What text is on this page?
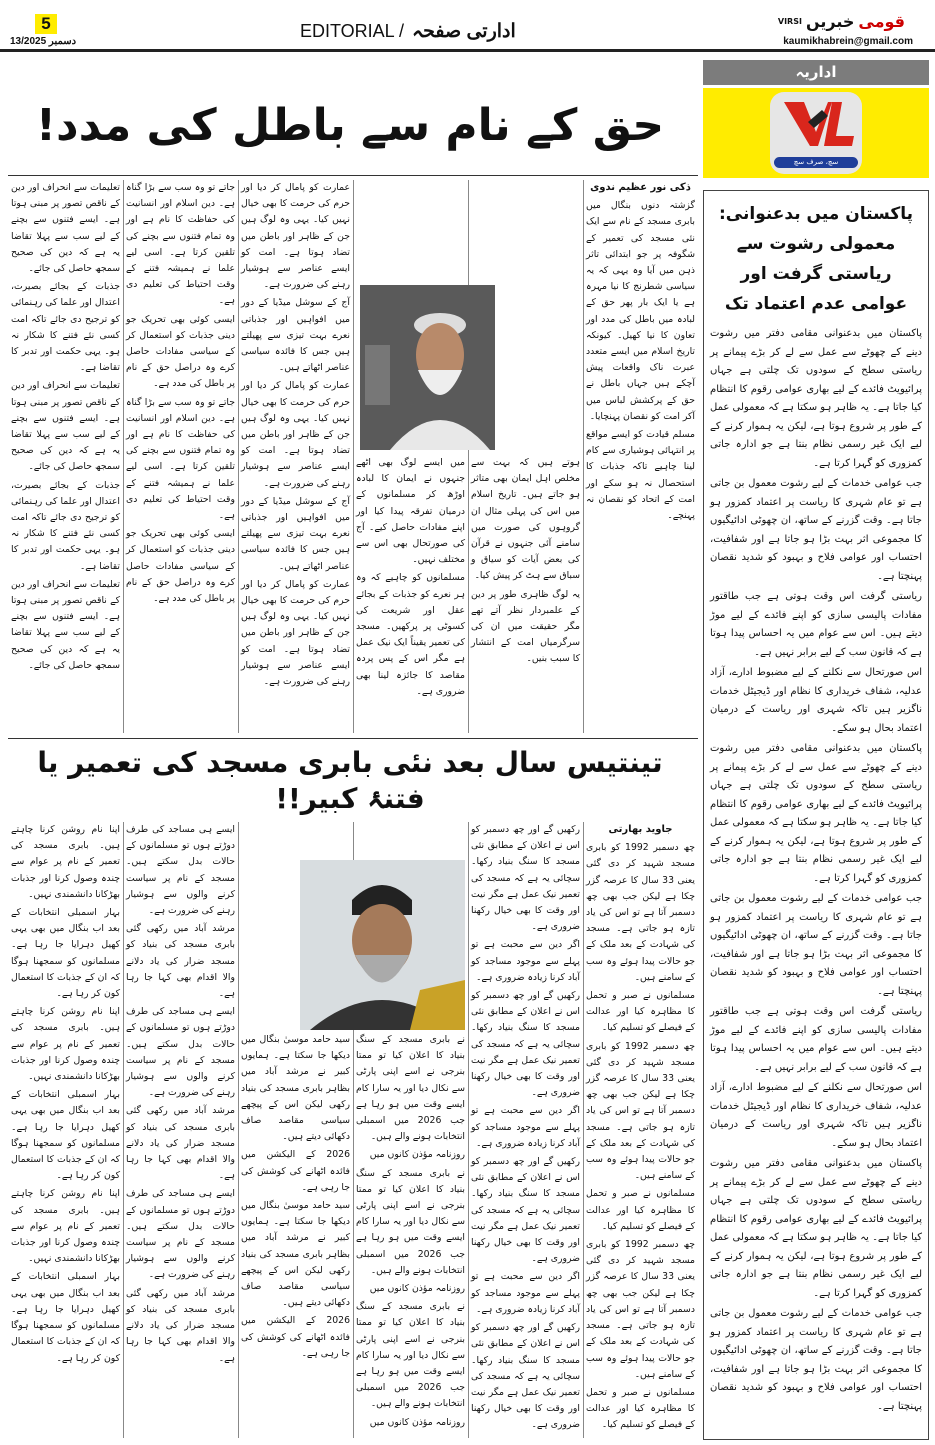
5
13/دسمبر 2025
EDITORIAL / ادارتی صفحہ	قومی
خبریں
VIRSI
kaumikhabrein@gmail.com
حق کے نام سے باطل کی مدد!
تینتیس سال بعد نئی بابری مسجد کی تعمیر یا فتنۂ کبیر!!
اداریہ
سچ، صرف سچ
پاکستان میں بدعنوانی: معمولی رشوت سے ریاستی گرفت اور عوامی عدم اعتماد تک

پاکستان میں بدعنوانی مقامی دفتر میں رشوت دینے کے چھوٹے سے عمل سے لے کر بڑے پیمانے پر ریاستی سطح کے سودوں تک چلتی ہے جہاں پرائیویٹ فائدے کے لیے بھاری عوامی رقوم کا انتظام کیا جاتا ہے۔ یہ ظاہر ہو سکتا ہے کہ معمولی عمل کے طور پر شروع ہوتا ہے، لیکن یہ ہموار کرنے کے لیے ایک غیر رسمی نظام بنتا ہے جو ادارہ جاتی کمزوری کو گہرا کرتا ہے۔

جب عوامی خدمات کے لیے رشوت معمول بن جاتی ہے تو عام شہری کا ریاست پر اعتماد کمزور ہو جاتا ہے۔ وقت گزرنے کے ساتھ، ان چھوٹی ادائیگیوں کا مجموعی اثر بہت بڑا ہو جاتا ہے اور شفافیت، احتساب اور عوامی فلاح و بہبود کو شدید نقصان پہنچتا ہے۔

ریاستی گرفت اس وقت ہوتی ہے جب طاقتور مفادات پالیسی سازی کو اپنے فائدے کے لیے موڑ دیتے ہیں۔ اس سے عوام میں یہ احساس پیدا ہوتا ہے کہ قانون سب کے لیے برابر نہیں ہے۔

اس صورتحال سے نکلنے کے لیے مضبوط ادارے، آزاد عدلیہ، شفاف خریداری کا نظام اور ڈیجیٹل خدمات ناگزیر ہیں تاکہ شہری اور ریاست کے درمیان اعتماد بحال ہو سکے۔

پاکستان میں بدعنوانی مقامی دفتر میں رشوت دینے کے چھوٹے سے عمل سے لے کر بڑے پیمانے پر ریاستی سطح کے سودوں تک چلتی ہے جہاں پرائیویٹ فائدے کے لیے بھاری عوامی رقوم کا انتظام کیا جاتا ہے۔ یہ ظاہر ہو سکتا ہے کہ معمولی عمل کے طور پر شروع ہوتا ہے، لیکن یہ ہموار کرنے کے لیے ایک غیر رسمی نظام بنتا ہے جو ادارہ جاتی کمزوری کو گہرا کرتا ہے۔

جب عوامی خدمات کے لیے رشوت معمول بن جاتی ہے تو عام شہری کا ریاست پر اعتماد کمزور ہو جاتا ہے۔ وقت گزرنے کے ساتھ، ان چھوٹی ادائیگیوں کا مجموعی اثر بہت بڑا ہو جاتا ہے اور شفافیت، احتساب اور عوامی فلاح و بہبود کو شدید نقصان پہنچتا ہے۔

ریاستی گرفت اس وقت ہوتی ہے جب طاقتور مفادات پالیسی سازی کو اپنے فائدے کے لیے موڑ دیتے ہیں۔ اس سے عوام میں یہ احساس پیدا ہوتا ہے کہ قانون سب کے لیے برابر نہیں ہے۔

اس صورتحال سے نکلنے کے لیے مضبوط ادارے، آزاد عدلیہ، شفاف خریداری کا نظام اور ڈیجیٹل خدمات ناگزیر ہیں تاکہ شہری اور ریاست کے درمیان اعتماد بحال ہو سکے۔

پاکستان میں بدعنوانی مقامی دفتر میں رشوت دینے کے چھوٹے سے عمل سے لے کر بڑے پیمانے پر ریاستی سطح کے سودوں تک چلتی ہے جہاں پرائیویٹ فائدے کے لیے بھاری عوامی رقوم کا انتظام کیا جاتا ہے۔ یہ ظاہر ہو سکتا ہے کہ معمولی عمل کے طور پر شروع ہوتا ہے، لیکن یہ ہموار کرنے کے لیے ایک غیر رسمی نظام بنتا ہے جو ادارہ جاتی کمزوری کو گہرا کرتا ہے۔

جب عوامی خدمات کے لیے رشوت معمول بن جاتی ہے تو عام شہری کا ریاست پر اعتماد کمزور ہو جاتا ہے۔ وقت گزرنے کے ساتھ، ان چھوٹی ادائیگیوں کا مجموعی اثر بہت بڑا ہو جاتا ہے اور شفافیت، احتساب اور عوامی فلاح و بہبود کو شدید نقصان پہنچتا ہے۔

ذکی نور عظیم ندوی

گزشتہ دنوں بنگال میں بابری مسجد کے نام سے ایک نئی مسجد کی تعمیر کے شگوفہ پر جو ابتدائی تاثر ذہن میں آیا وہ یہی کہ یہ سیاسی شطرنج کا نیا مہرہ ہے یا ایک بار پھر حق کے لبادہ میں باطل کی مدد اور تعاون کا نیا کھیل۔ کیونکہ تاریخ اسلام میں ایسے متعدد عبرت ناک واقعات پیش آچکے ہیں جہاں باطل نے حق کے پرکشش لباس میں آکر امت کو نقصان پہنچایا۔

مسلم قیادت کو ایسے مواقع پر انتہائی ہوشیاری سے کام لینا چاہیے تاکہ جذبات کا استحصال نہ ہو سکے اور امت کے اتحاد کو نقصان نہ پہنچے۔

ہوتے ہیں کہ بہت سے مخلص اہل ایمان بھی متاثر ہو جاتے ہیں۔ تاریخ اسلام میں اس کی پہلی مثال ان گروہوں کی صورت میں سامنے آئی جنہوں نے قرآن کی بعض آیات کو سیاق و سباق سے ہٹ کر پیش کیا۔

یہ لوگ ظاہری طور پر دین کے علمبردار نظر آتے تھے مگر حقیقت میں ان کی سرگرمیاں امت کے انتشار کا سبب بنیں۔

میں ایسے لوگ بھی اٹھے جنہوں نے ایمان کا لبادہ اوڑھ کر مسلمانوں کے درمیان تفرقہ پیدا کیا اور اپنے مفادات حاصل کیے۔ آج کی صورتحال بھی اس سے مختلف نہیں۔

مسلمانوں کو چاہیے کہ وہ ہر نعرے کو جذبات کے بجائے عقل اور شریعت کی کسوٹی پر پرکھیں۔ مسجد کی تعمیر یقیناً ایک نیک عمل ہے مگر اس کے پس پردہ مقاصد کا جائزہ لینا بھی ضروری ہے۔

عمارت کو پامال کر دیا اور حرم کی حرمت کا بھی خیال نہیں کیا۔ یہی وہ لوگ ہیں جن کے ظاہر اور باطن میں تضاد ہوتا ہے۔ امت کو ایسے عناصر سے ہوشیار رہنے کی ضرورت ہے۔

آج کے سوشل میڈیا کے دور میں افواہیں اور جذباتی نعرے بہت تیزی سے پھیلتے ہیں جس کا فائدہ سیاسی عناصر اٹھاتے ہیں۔

عمارت کو پامال کر دیا اور حرم کی حرمت کا بھی خیال نہیں کیا۔ یہی وہ لوگ ہیں جن کے ظاہر اور باطن میں تضاد ہوتا ہے۔ امت کو ایسے عناصر سے ہوشیار رہنے کی ضرورت ہے۔

آج کے سوشل میڈیا کے دور میں افواہیں اور جذباتی نعرے بہت تیزی سے پھیلتے ہیں جس کا فائدہ سیاسی عناصر اٹھاتے ہیں۔

عمارت کو پامال کر دیا اور حرم کی حرمت کا بھی خیال نہیں کیا۔ یہی وہ لوگ ہیں جن کے ظاہر اور باطن میں تضاد ہوتا ہے۔ امت کو ایسے عناصر سے ہوشیار رہنے کی ضرورت ہے۔

جاتے تو وہ سب سے بڑا گناہ ہے۔ دین اسلام اور انسانیت کی حفاظت کا نام ہے اور وہ تمام فتنوں سے بچنے کی تلقین کرتا ہے۔ اسی لیے علما نے ہمیشہ فتنے کے وقت احتیاط کی تعلیم دی ہے۔

ایسی کوئی بھی تحریک جو دینی جذبات کو استعمال کر کے سیاسی مفادات حاصل کرے وہ دراصل حق کے نام پر باطل کی مدد ہے۔

جاتے تو وہ سب سے بڑا گناہ ہے۔ دین اسلام اور انسانیت کی حفاظت کا نام ہے اور وہ تمام فتنوں سے بچنے کی تلقین کرتا ہے۔ اسی لیے علما نے ہمیشہ فتنے کے وقت احتیاط کی تعلیم دی ہے۔

ایسی کوئی بھی تحریک جو دینی جذبات کو استعمال کر کے سیاسی مفادات حاصل کرے وہ دراصل حق کے نام پر باطل کی مدد ہے۔

تعلیمات سے انحراف اور دین کے ناقص تصور پر مبنی ہوتا ہے۔ ایسے فتنوں سے بچنے کے لیے سب سے پہلا تقاضا یہ ہے کہ دین کی صحیح سمجھ حاصل کی جائے۔

جذبات کے بجائے بصیرت، اعتدال اور علما کی رہنمائی کو ترجیح دی جائے تاکہ امت کسی نئے فتنے کا شکار نہ ہو۔ یہی حکمت اور تدبر کا تقاضا ہے۔

تعلیمات سے انحراف اور دین کے ناقص تصور پر مبنی ہوتا ہے۔ ایسے فتنوں سے بچنے کے لیے سب سے پہلا تقاضا یہ ہے کہ دین کی صحیح سمجھ حاصل کی جائے۔

جذبات کے بجائے بصیرت، اعتدال اور علما کی رہنمائی کو ترجیح دی جائے تاکہ امت کسی نئے فتنے کا شکار نہ ہو۔ یہی حکمت اور تدبر کا تقاضا ہے۔

تعلیمات سے انحراف اور دین کے ناقص تصور پر مبنی ہوتا ہے۔ ایسے فتنوں سے بچنے کے لیے سب سے پہلا تقاضا یہ ہے کہ دین کی صحیح سمجھ حاصل کی جائے۔

جاوید بھارتی

چھ دسمبر 1992 کو بابری مسجد شہید کر دی گئی یعنی 33 سال کا عرصہ گزر چکا ہے لیکن جب بھی چھ دسمبر آتا ہے تو اس کی یاد تازہ ہو جاتی ہے۔ مسجد کی شہادت کے بعد ملک کے جو حالات پیدا ہوئے وہ سب کے سامنے ہیں۔

مسلمانوں نے صبر و تحمل کا مظاہرہ کیا اور عدالت کے فیصلے کو تسلیم کیا۔

چھ دسمبر 1992 کو بابری مسجد شہید کر دی گئی یعنی 33 سال کا عرصہ گزر چکا ہے لیکن جب بھی چھ دسمبر آتا ہے تو اس کی یاد تازہ ہو جاتی ہے۔ مسجد کی شہادت کے بعد ملک کے جو حالات پیدا ہوئے وہ سب کے سامنے ہیں۔

مسلمانوں نے صبر و تحمل کا مظاہرہ کیا اور عدالت کے فیصلے کو تسلیم کیا۔

چھ دسمبر 1992 کو بابری مسجد شہید کر دی گئی یعنی 33 سال کا عرصہ گزر چکا ہے لیکن جب بھی چھ دسمبر آتا ہے تو اس کی یاد تازہ ہو جاتی ہے۔ مسجد کی شہادت کے بعد ملک کے جو حالات پیدا ہوئے وہ سب کے سامنے ہیں۔

مسلمانوں نے صبر و تحمل کا مظاہرہ کیا اور عدالت کے فیصلے کو تسلیم کیا۔

رکھیں گے اور چھ دسمبر کو اس نے اعلان کے مطابق نئی مسجد کا سنگ بنیاد رکھا۔ سچائی یہ ہے کہ مسجد کی تعمیر نیک عمل ہے مگر نیت اور وقت کا بھی خیال رکھنا ضروری ہے۔

اگر دین سے محبت ہے تو پہلے سے موجود مساجد کو آباد کرنا زیادہ ضروری ہے۔

رکھیں گے اور چھ دسمبر کو اس نے اعلان کے مطابق نئی مسجد کا سنگ بنیاد رکھا۔ سچائی یہ ہے کہ مسجد کی تعمیر نیک عمل ہے مگر نیت اور وقت کا بھی خیال رکھنا ضروری ہے۔

اگر دین سے محبت ہے تو پہلے سے موجود مساجد کو آباد کرنا زیادہ ضروری ہے۔

رکھیں گے اور چھ دسمبر کو اس نے اعلان کے مطابق نئی مسجد کا سنگ بنیاد رکھا۔ سچائی یہ ہے کہ مسجد کی تعمیر نیک عمل ہے مگر نیت اور وقت کا بھی خیال رکھنا ضروری ہے۔

اگر دین سے محبت ہے تو پہلے سے موجود مساجد کو آباد کرنا زیادہ ضروری ہے۔

رکھیں گے اور چھ دسمبر کو اس نے اعلان کے مطابق نئی مسجد کا سنگ بنیاد رکھا۔ سچائی یہ ہے کہ مسجد کی تعمیر نیک عمل ہے مگر نیت اور وقت کا بھی خیال رکھنا ضروری ہے۔

نے بابری مسجد کے سنگ بنیاد کا اعلان کیا تو ممتا بنرجی نے اسے اپنی پارٹی سے نکال دیا اور یہ سارا کام ایسے وقت میں ہو رہا ہے جب 2026 میں اسمبلی انتخابات ہونے والے ہیں۔

روزنامہ مؤذن کانوں میں

نے بابری مسجد کے سنگ بنیاد کا اعلان کیا تو ممتا بنرجی نے اسے اپنی پارٹی سے نکال دیا اور یہ سارا کام ایسے وقت میں ہو رہا ہے جب 2026 میں اسمبلی انتخابات ہونے والے ہیں۔

روزنامہ مؤذن کانوں میں

نے بابری مسجد کے سنگ بنیاد کا اعلان کیا تو ممتا بنرجی نے اسے اپنی پارٹی سے نکال دیا اور یہ سارا کام ایسے وقت میں ہو رہا ہے جب 2026 میں اسمبلی انتخابات ہونے والے ہیں۔

روزنامہ مؤذن کانوں میں

سید حامد موسیٰ بنگال میں دیکھا جا سکتا ہے۔ ہمایوں کبیر نے مرشد آباد میں بظاہر بابری مسجد کی بنیاد رکھی لیکن اس کے پیچھے سیاسی مقاصد صاف دکھائی دیتے ہیں۔

2026 کے الیکشن میں فائدہ اٹھانے کی کوشش کی جا رہی ہے۔

سید حامد موسیٰ بنگال میں دیکھا جا سکتا ہے۔ ہمایوں کبیر نے مرشد آباد میں بظاہر بابری مسجد کی بنیاد رکھی لیکن اس کے پیچھے سیاسی مقاصد صاف دکھائی دیتے ہیں۔

2026 کے الیکشن میں فائدہ اٹھانے کی کوشش کی جا رہی ہے۔

ایسے ہی مساجد کی طرف دوڑتے ہوں تو مسلمانوں کے حالات بدل سکتے ہیں۔ مسجد کے نام پر سیاست کرنے والوں سے ہوشیار رہنے کی ضرورت ہے۔

مرشد آباد میں رکھی گئی بابری مسجد کی بنیاد کو مسجد ضرار کی یاد دلانے والا اقدام بھی کہا جا رہا ہے۔

ایسے ہی مساجد کی طرف دوڑتے ہوں تو مسلمانوں کے حالات بدل سکتے ہیں۔ مسجد کے نام پر سیاست کرنے والوں سے ہوشیار رہنے کی ضرورت ہے۔

مرشد آباد میں رکھی گئی بابری مسجد کی بنیاد کو مسجد ضرار کی یاد دلانے والا اقدام بھی کہا جا رہا ہے۔

ایسے ہی مساجد کی طرف دوڑتے ہوں تو مسلمانوں کے حالات بدل سکتے ہیں۔ مسجد کے نام پر سیاست کرنے والوں سے ہوشیار رہنے کی ضرورت ہے۔

مرشد آباد میں رکھی گئی بابری مسجد کی بنیاد کو مسجد ضرار کی یاد دلانے والا اقدام بھی کہا جا رہا ہے۔

اپنا نام روشن کرنا چاہتے ہیں۔ بابری مسجد کی تعمیر کے نام پر عوام سے چندہ وصول کرنا اور جذبات بھڑکانا دانشمندی نہیں۔

بہار اسمبلی انتخابات کے بعد اب بنگال میں بھی یہی کھیل دہرایا جا رہا ہے۔ مسلمانوں کو سمجھنا ہوگا کہ ان کے جذبات کا استعمال کون کر رہا ہے۔

اپنا نام روشن کرنا چاہتے ہیں۔ بابری مسجد کی تعمیر کے نام پر عوام سے چندہ وصول کرنا اور جذبات بھڑکانا دانشمندی نہیں۔

بہار اسمبلی انتخابات کے بعد اب بنگال میں بھی یہی کھیل دہرایا جا رہا ہے۔ مسلمانوں کو سمجھنا ہوگا کہ ان کے جذبات کا استعمال کون کر رہا ہے۔

اپنا نام روشن کرنا چاہتے ہیں۔ بابری مسجد کی تعمیر کے نام پر عوام سے چندہ وصول کرنا اور جذبات بھڑکانا دانشمندی نہیں۔

بہار اسمبلی انتخابات کے بعد اب بنگال میں بھی یہی کھیل دہرایا جا رہا ہے۔ مسلمانوں کو سمجھنا ہوگا کہ ان کے جذبات کا استعمال کون کر رہا ہے۔
